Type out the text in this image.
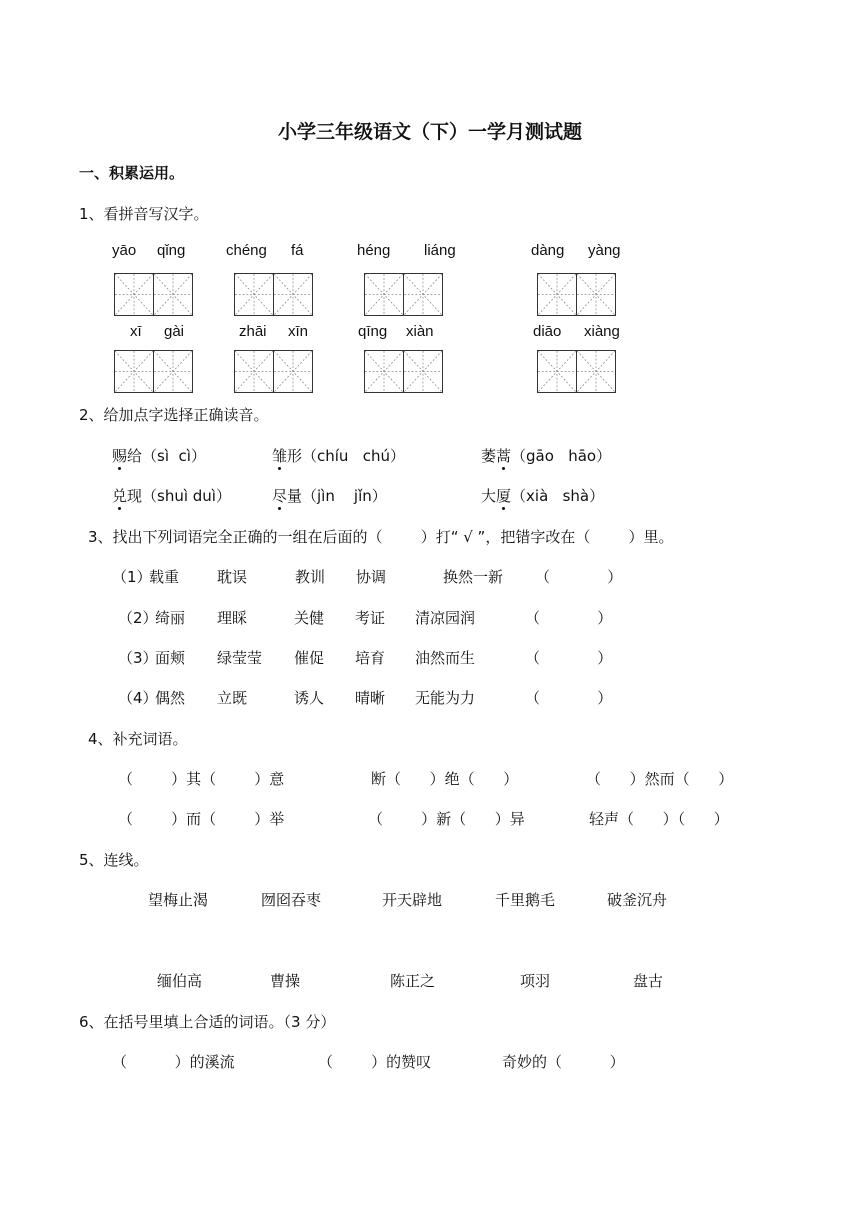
小学三年级语文（下）一学月测试题
一、积累运用。
1、看拼音写汉字。
yāo qǐng	chéng fá	héng liáng	dàng yàng
xī gài	zhāi xīn	qīng xiàn	diāo xiàng
2、给加点字选择正确读音。
赐给（sì  cì）	雏形（chíu   chú）	萎蒿（gāo   hāo）
兑现（shuì duì）	尽量（jìn    jǐn）	大厦（xià   shà）
3、找出下列词语完全正确的一组在后面的（        ）打“ √ ”，把错字改在（        ）里。
（1）
载重	耽误	教训 协调	换然一新 （            ）
（2）
绮丽 理睬	关健 考证 清凉园润	（            ）
（3）
面颊 绿莹莹 催促 培育 油然而生	（            ）
（4）
偶然 立既	诱人 晴晰 无能为力	（            ）
4、补充词语。
（        ）其（        ）意	断（      ）绝（      ）	（      ）然而（      ）
（        ）而（        ）举	（        ）新（      ）异	轻声（      ）（      ）
5、连线。
望梅止渴	囫囵吞枣	开天辟地	千里鹅毛	破釜沉舟
缅伯高	曹操	陈正之	项羽	盘古
6、在括号里填上合适的词语。（3 分）
（          ）的溪流	（        ）的赞叹	奇妙的（          ）
